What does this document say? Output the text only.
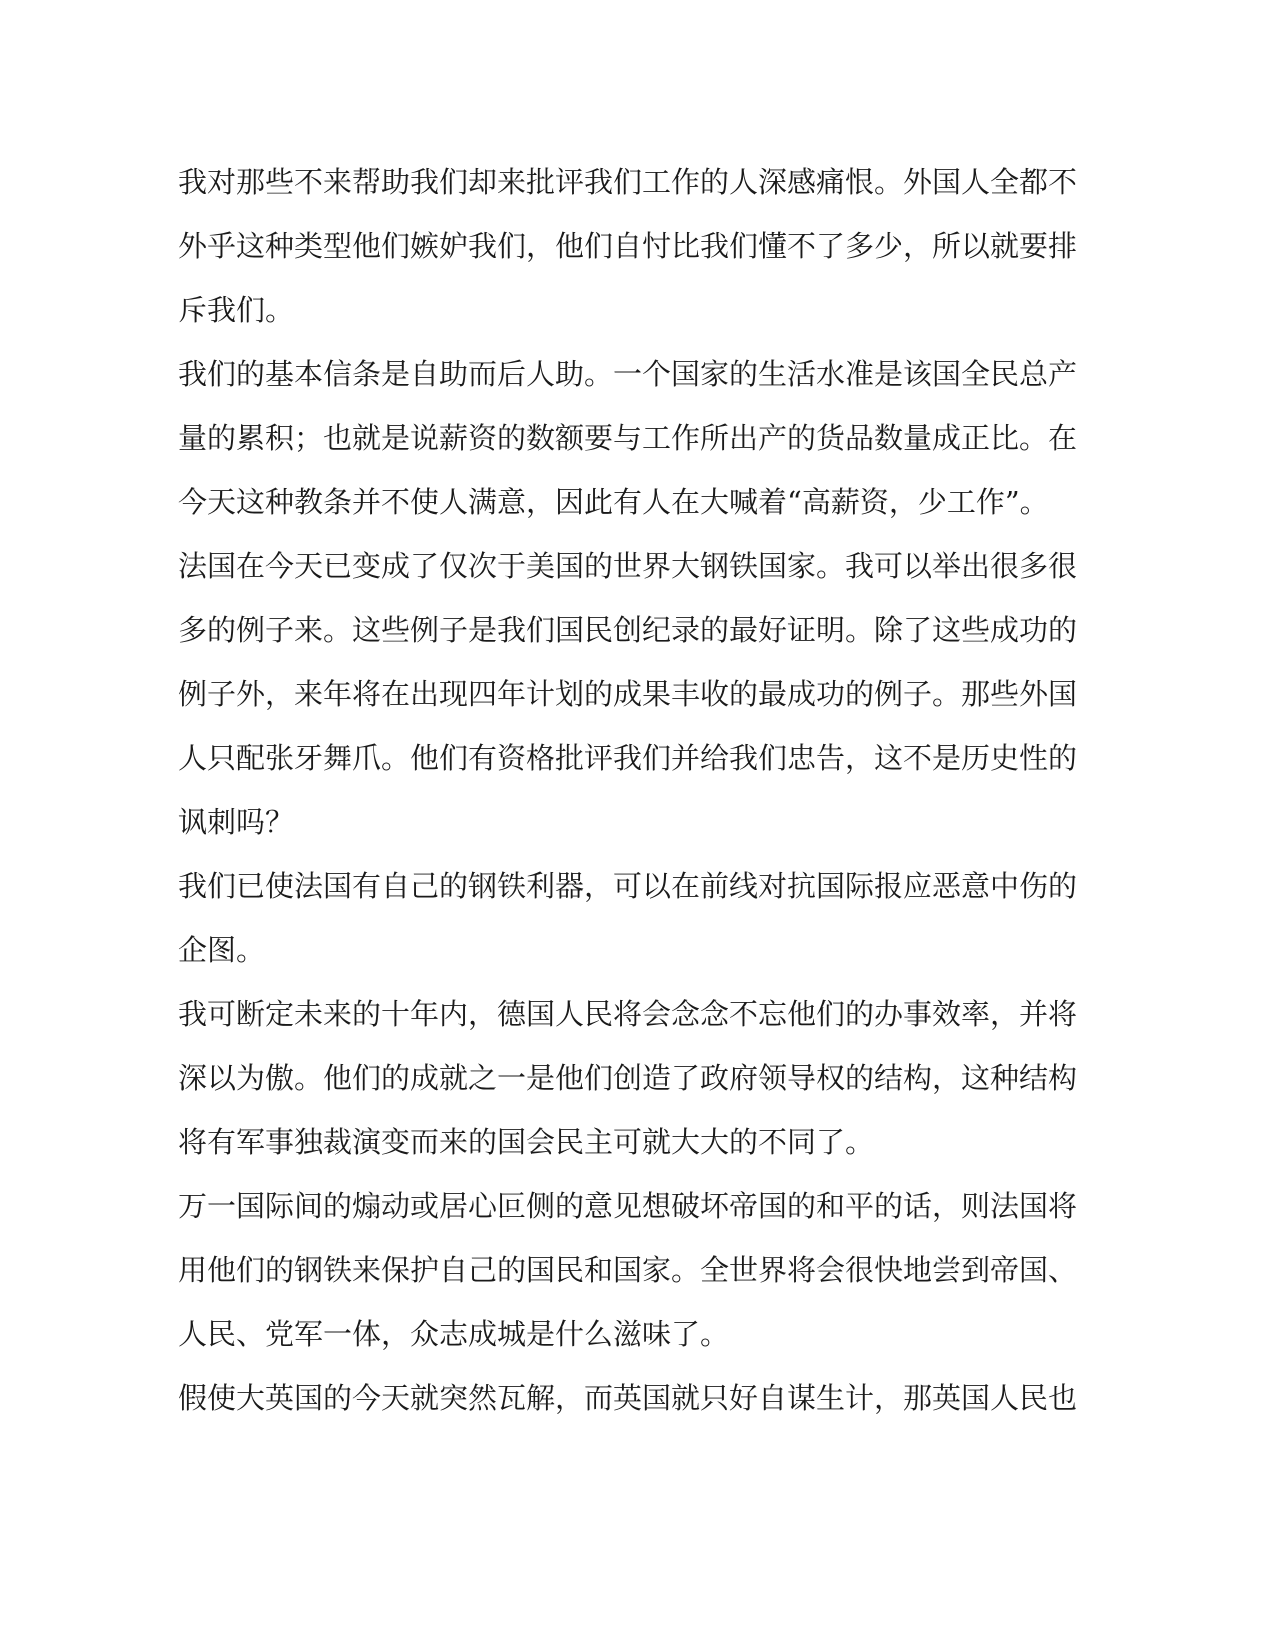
我对那些不来帮助我们却来批评我们工作的人深感痛恨。外国人全都不
外乎这种类型他们嫉妒我们，他们自忖比我们懂不了多少，所以就要排
斥我们。
我们的基本信条是自助而后人助。一个国家的生活水准是该国全民总产
量的累积；也就是说薪资的数额要与工作所出产的货品数量成正比。在
今天这种教条并不使人满意，因此有人在大喊着“高薪资，少工作”。
法国在今天已变成了仅次于美国的世界大钢铁国家。我可以举出很多很
多的例子来。这些例子是我们国民创纪录的最好证明。除了这些成功的
例子外，来年将在出现四年计划的成果丰收的最成功的例子。那些外国
人只配张牙舞爪。他们有资格批评我们并给我们忠告，这不是历史性的
讽刺吗？
我们已使法国有自己的钢铁利器，可以在前线对抗国际报应恶意中伤的
企图。
我可断定未来的十年内，德国人民将会念念不忘他们的办事效率，并将
深以为傲。他们的成就之一是他们创造了政府领导权的结构，这种结构
将有军事独裁演变而来的国会民主可就大大的不同了。
万一国际间的煽动或居心叵侧的意见想破坏帝国的和平的话，则法国将
用他们的钢铁来保护自己的国民和国家。全世界将会很快地尝到帝国、
人民、党军一体，众志成城是什么滋味了。
假使大英国的今天就突然瓦解，而英国就只好自谋生计，那英国人民也
